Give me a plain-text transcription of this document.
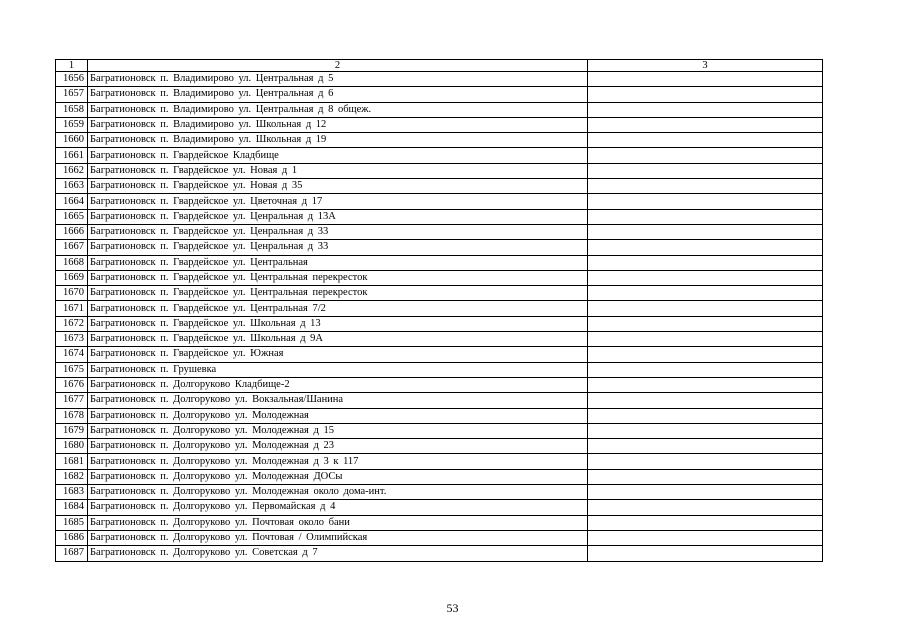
1	2	3
1656	Багратионовск п. Владимирово ул. Центральная д 5	
1657	Багратионовск п. Владимирово ул. Центральная д 6	
1658	Багратионовск п. Владимирово ул. Центральная д 8 общеж.	
1659	Багратионовск п. Владимирово ул. Школьная д 12	
1660	Багратионовск п. Владимирово ул. Школьная д 19	
1661	Багратионовск п. Гвардейское Кладбище	
1662	Багратионовск п. Гвардейское ул. Новая д 1	
1663	Багратионовск п. Гвардейское ул. Новая д 35	
1664	Багратионовск п. Гвардейское ул. Цветочная д 17	
1665	Багратионовск п. Гвардейское ул. Ценральная д 13А	
1666	Багратионовск п. Гвардейское ул. Ценральная д 33	
1667	Багратионовск п. Гвардейское ул. Ценральная д 33	
1668	Багратионовск п. Гвардейское ул. Центральная	
1669	Багратионовск п. Гвардейское ул. Центральная перекресток	
1670	Багратионовск п. Гвардейское ул. Центральная перекресток	
1671	Багратионовск п. Гвардейское ул. Центральная 7/2	
1672	Багратионовск п. Гвардейское ул. Школьная д 13	
1673	Багратионовск п. Гвардейское ул. Школьная д 9А	
1674	Багратионовск п. Гвардейское ул. Южная	
1675	Багратионовск п. Грушевка	
1676	Багратионовск п. Долгоруково Кладбище-2	
1677	Багратионовск п. Долгоруково ул. Вокзальная/Шанина	
1678	Багратионовск п. Долгоруково ул. Молодежная	
1679	Багратионовск п. Долгоруково ул. Молодежная д 15	
1680	Багратионовск п. Долгоруково ул. Молодежная д 23	
1681	Багратионовск п. Долгоруково ул. Молодежная д 3 к 117	
1682	Багратионовск п. Долгоруково ул. Молодежная ДОСы	
1683	Багратионовск п. Долгоруково ул. Молодежная около дома-инт.	
1684	Багратионовск п. Долгоруково ул. Первомайская д 4	
1685	Багратионовск п. Долгоруково ул. Почтовая около бани	
1686	Багратионовск п. Долгоруково ул. Почтовая / Олимпийская	
1687	Багратионовск п. Долгоруково ул. Советская д 7	
53
